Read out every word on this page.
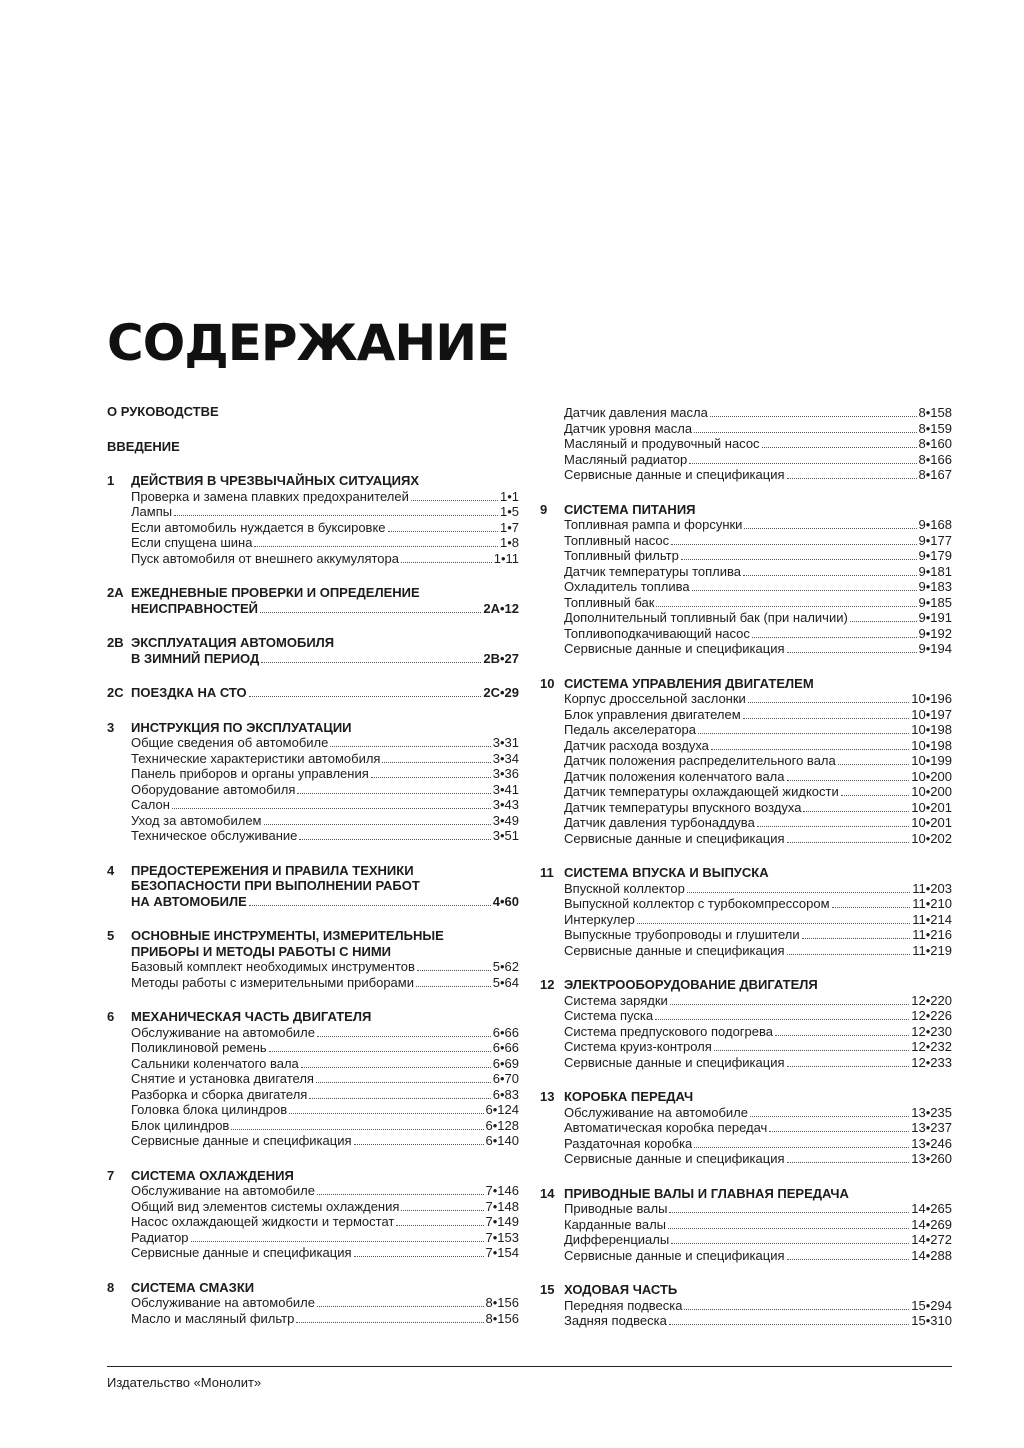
СОДЕРЖАНИЕ
О РУКОВОДСТВЕ
ВВЕДЕНИЕ
1	ДЕЙСТВИЯ В ЧРЕЗВЫЧАЙНЫХ СИТУАЦИЯХ
Проверка и замена плавких предохранителей	1•1
Лампы	1•5
Если автомобиль нуждается в буксировке	1•7
Если спущена шина	1•8
Пуск автомобиля от внешнего аккумулятора	1•11
2A ЕЖЕДНЕВНЫЕ ПРОВЕРКИ И ОПРЕДЕЛЕНИЕ
НЕИСПРАВНОСТЕЙ	2A•12
2B ЭКСПЛУАТАЦИЯ АВТОМОБИЛЯ
В ЗИМНИЙ ПЕРИОД	2B•27
2C ПОЕЗДКА НА СТО	2C•29
3	ИНСТРУКЦИЯ ПО ЭКСПЛУАТАЦИИ
Общие сведения об автомобиле	3•31
Технические характеристики автомобиля	3•34
Панель приборов и органы управления	3•36
Оборудование автомобиля	3•41
Салон	3•43
Уход за автомобилем	3•49
Техническое обслуживание	3•51
4	ПРЕДОСТЕРЕЖЕНИЯ И ПРАВИЛА ТЕХНИКИ
БЕЗОПАСНОСТИ ПРИ ВЫПОЛНЕНИИ РАБОТ
НА АВТОМОБИЛЕ	4•60
5	ОСНОВНЫЕ ИНСТРУМЕНТЫ, ИЗМЕРИТЕЛЬНЫЕ
ПРИБОРЫ И МЕТОДЫ РАБОТЫ С НИМИ
Базовый комплект необходимых инструментов	5•62
Методы работы с измерительными приборами	5•64
6	МЕХАНИЧЕСКАЯ ЧАСТЬ ДВИГАТЕЛЯ
Обслуживание на автомобиле	6•66
Поликлиновой ремень	6•66
Сальники коленчатого вала	6•69
Снятие и установка двигателя	6•70
Разборка и сборка двигателя	6•83
Головка блока цилиндров	6•124
Блок цилиндров	6•128
Сервисные данные и спецификация	6•140
7	СИСТЕМА ОХЛАЖДЕНИЯ
Обслуживание на автомобиле	7•146
Общий вид элементов системы охлаждения	7•148
Насос охлаждающей жидкости и термостат	7•149
Радиатор	7•153
Сервисные данные и спецификация	7•154
8	СИСТЕМА СМАЗКИ
Обслуживание на автомобиле	8•156
Масло и масляный фильтр	8•156
Датчик давления масла	8•158
Датчик уровня масла	8•159
Масляный и продувочный насос	8•160
Масляный радиатор	8•166
Сервисные данные и спецификация	8•167
9	СИСТЕМА ПИТАНИЯ
Топливная рампа и форсунки	9•168
Топливный насос	9•177
Топливный фильтр	9•179
Датчик температуры топлива	9•181
Охладитель топлива	9•183
Топливный бак	9•185
Дополнительный топливный бак (при наличии)	9•191
Топливоподкачивающий насос	9•192
Сервисные данные и спецификация	9•194
10 СИСТЕМА УПРАВЛЕНИЯ ДВИГАТЕЛЕМ
Корпус дроссельной заслонки	10•196
Блок управления двигателем	10•197
Педаль акселератора	10•198
Датчик расхода воздуха	10•198
Датчик положения распределительного вала	10•199
Датчик положения коленчатого вала	10•200
Датчик температуры охлаждающей жидкости	10•200
Датчик температуры впускного воздуха	10•201
Датчик давления турбонаддува	10•201
Сервисные данные и спецификация	10•202
11 СИСТЕМА ВПУСКА И ВЫПУСКА
Впускной коллектор	11•203
Выпускной коллектор с турбокомпрессором	11•210
Интеркулер	11•214
Выпускные трубопроводы и глушители	11•216
Сервисные данные и спецификация	11•219
12 ЭЛЕКТРООБОРУДОВАНИЕ ДВИГАТЕЛЯ
Система зарядки	12•220
Система пуска	12•226
Система предпускового подогрева	12•230
Система круиз-контроля	12•232
Сервисные данные и спецификация	12•233
13 КОРОБКА ПЕРЕДАЧ
Обслуживание на автомобиле	13•235
Автоматическая коробка передач	13•237
Раздаточная коробка	13•246
Сервисные данные и спецификация	13•260
14 ПРИВОДНЫЕ ВАЛЫ И ГЛАВНАЯ ПЕРЕДАЧА
Приводные валы	14•265
Карданные валы	14•269
Дифференциалы	14•272
Сервисные данные и спецификация	14•288
15 ХОДОВАЯ ЧАСТЬ
Передняя подвеска	15•294
Задняя подвеска	15•310
Издательство «Монолит»
